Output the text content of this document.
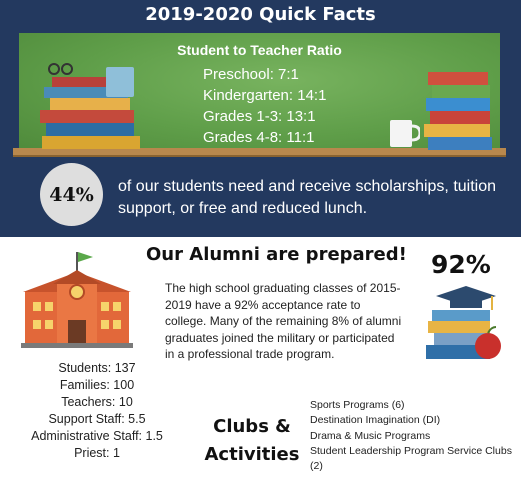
2019-2020 Quick Facts
Student to Teacher Ratio
Preschool: 7:1
Kindergarten: 14:1
Grades 1-3: 13:1
Grades 4-8: 11:1
44%	of our students need and receive scholarships, tuition support, or free and reduced lunch.
Our Alumni are prepared! 92%
The high school graduating classes of 2015-2019 have a 92% acceptance rate to college. Many of the remaining 8% of alumni graduates joined the military or participated in a professional trade program.
Students: 137
Families: 100
Teachers: 10
Support Staff: 5.5
Administrative Staff: 1.5
Priest: 1
Clubs &
Activities
Sports Programs (6)
Destination Imagination (DI)
Drama & Music Programs
Student Leadership Program Service Clubs (2)
